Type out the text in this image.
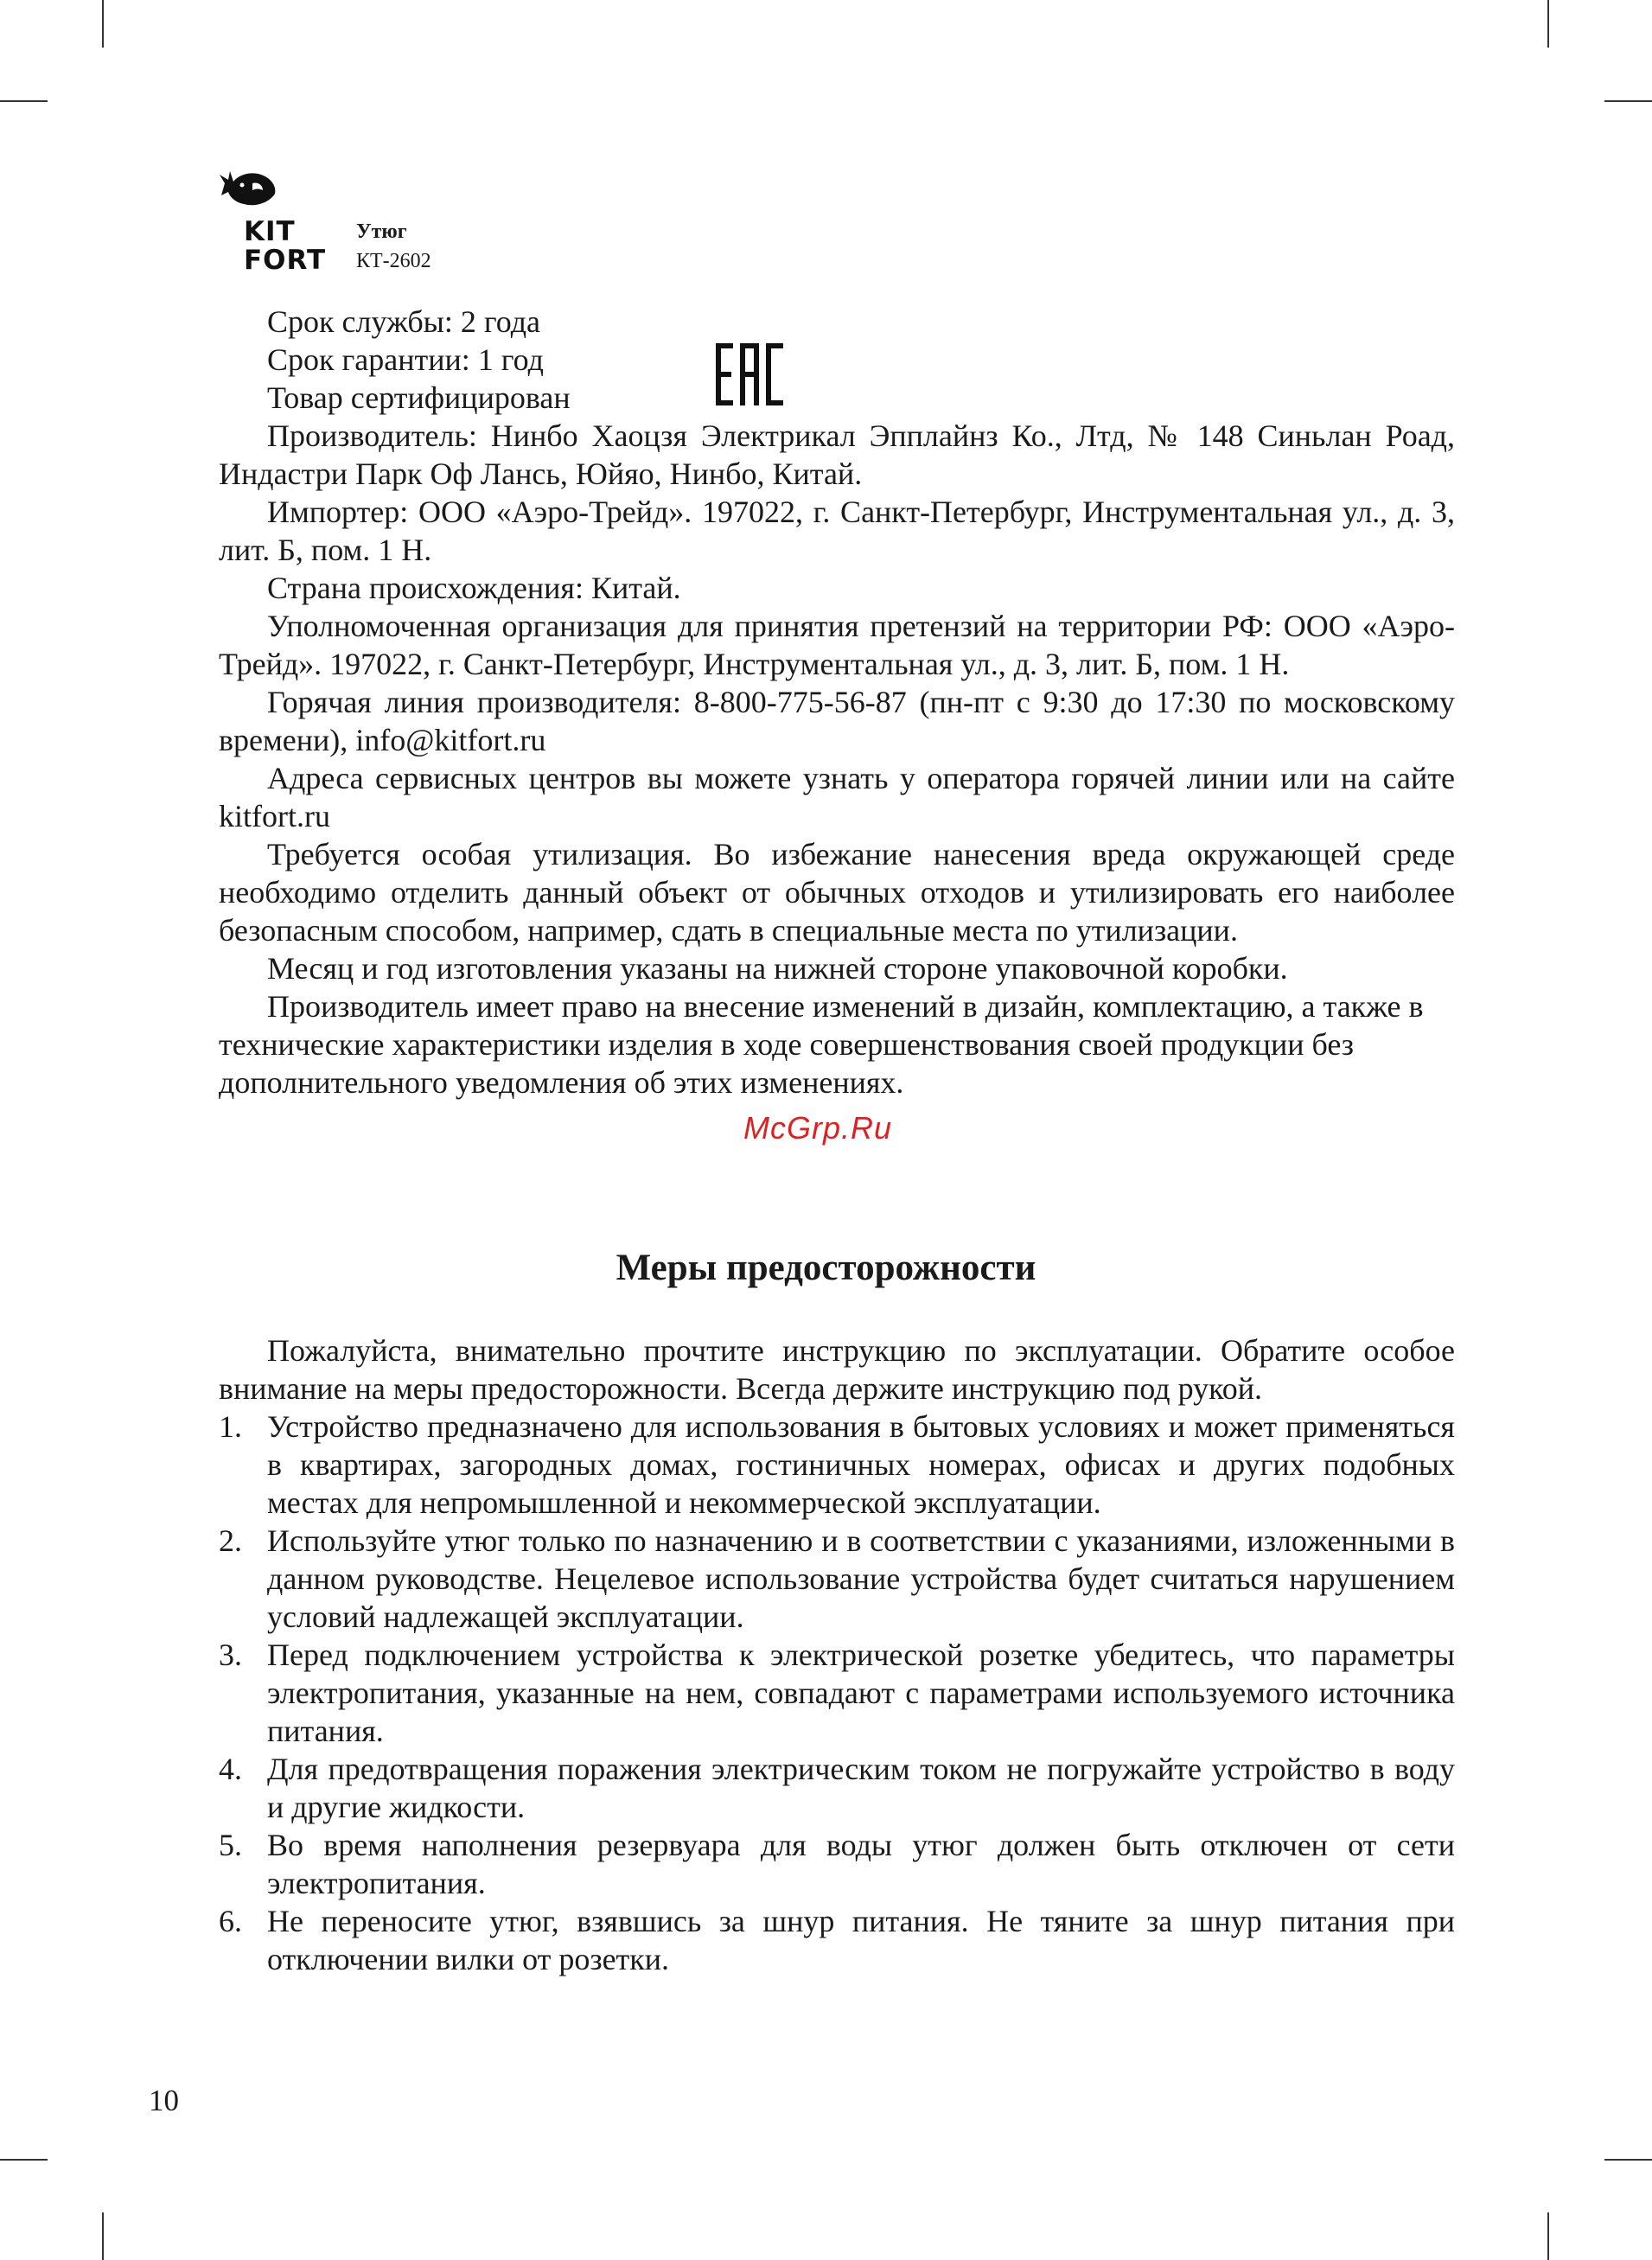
KIT
FORT
Утюг
КТ-2602

Срок службы: 2 года

Срок гарантии: 1 год

Товар сертифицирован

Производитель: Нинбо Хаоцзя Электрикал Эпплайнз Ко., Лтд, № 148 Синьлан Роад, Индастри Парк Оф Лансь, Юйяо, Нинбо, Китай.

Импортер: ООО «Аэро-Трейд». 197022, г. Санкт-Петербург, Инструментальная ул., д. 3, лит. Б, пом. 1 Н.

Страна происхождения: Китай.

Уполномоченная организация для принятия претензий на территории РФ: ООО «Аэро-Трейд». 197022, г. Санкт-Петербург, Инструментальная ул., д. 3, лит. Б, пом. 1 Н.

Горячая линия производителя: 8-800-775-56-87 (пн-пт с 9:30 до 17:30 по московскому времени), info@kitfort.ru

Адреса сервисных центров вы можете узнать у оператора горячей линии или на сайте kitfort.ru

Требуется особая утилизация. Во избежание нанесения вреда окружающей среде необходимо отделить данный объект от обычных отходов и утилизировать его наиболее безопасным способом, например, сдать в специальные места по утилизации.

Месяц и год изготовления указаны на нижней стороне упаковочной коробки.

Производитель имеет право на внесение изменений в дизайн, комплектацию, а также в технические характеристики изделия в ходе совершенствования своей продукции без дополнительного уведомления об этих изменениях.

McGrp.Ru
Меры предосторожности

Пожалуйста, внимательно прочтите инструкцию по эксплуатации. Обратите особое внимание на меры предосторожности. Всегда держите инструкцию под рукой.

1. Устройство предназначено для использования в бытовых условиях и может применяться в квартирах, загородных домах, гостиничных номерах, офисах и других подобных местах для непромышленной и некоммерческой эксплуатации.
2. Используйте утюг только по назначению и в соответствии с указаниями, изложенными в данном руководстве. Нецелевое использование устройства будет считаться нарушением условий надлежащей эксплуатации.
3. Перед подключением устройства к электрической розетке убедитесь, что параметры электропитания, указанные на нем, совпадают с параметрами используемого источника питания.
4. Для предотвращения поражения электрическим током не погружайте устройство в воду и другие жидкости.
5. Во время наполнения резервуара для воды утюг должен быть отключен от сети электропитания.
6. Не переносите утюг, взявшись за шнур питания. Не тяните за шнур питания при отключении вилки от розетки.
10
